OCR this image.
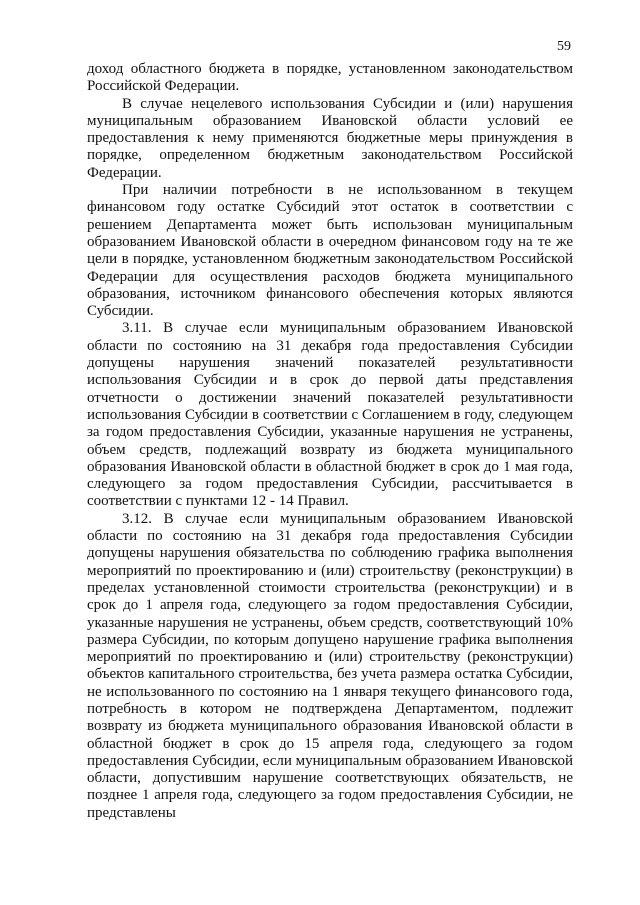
59

доход областного бюджета в порядке, установленном законодательством Российской Федерации.

В случае нецелевого использования Субсидии и (или) нарушения муниципальным образованием Ивановской области условий ее предоставления к нему применяются бюджетные меры принуждения в порядке, определенном бюджетным законодательством Российской Федерации.

При наличии потребности в не использованном в текущем финансовом году остатке Субсидий этот остаток в соответствии с решением Департамента может быть использован муниципальным образованием Ивановской области в очередном финансовом году на те же цели в порядке, установленном бюджетным законодательством Российской Федерации для осуществления расходов бюджета муниципального образования, источником финансового обеспечения которых являются Субсидии.

3.11. В случае если муниципальным образованием Ивановской области по состоянию на 31 декабря года предоставления Субсидии допущены нарушения значений показателей результативности использования Субсидии и в срок до первой даты представления отчетности о достижении значений показателей результативности использования Субсидии в соответствии с Соглашением в году, следующем за годом предоставления Субсидии, указанные нарушения не устранены, объем средств, подлежащий возврату из бюджета муниципального образования Ивановской области в областной бюджет в срок до 1 мая года, следующего за годом предоставления Субсидии, рассчитывается в соответствии с пунктами 12 - 14 Правил.

3.12. В случае если муниципальным образованием Ивановской области по состоянию на 31 декабря года предоставления Субсидии допущены нарушения обязательства по соблюдению графика выполнения мероприятий по проектированию и (или) строительству (реконструкции) в пределах установленной стоимости строительства (реконструкции) и в срок до 1 апреля года, следующего за годом предоставления Субсидии, указанные нарушения не устранены, объем средств, соответствующий 10% размера Субсидии, по которым допущено нарушение графика выполнения мероприятий по проектированию и (или) строительству (реконструкции) объектов капитального строительства, без учета размера остатка Субсидии, не использованного по состоянию на 1 января текущего финансового года, потребность в котором не подтверждена Департаментом, подлежит возврату из бюджета муниципального образования Ивановской области в областной бюджет в срок до 15 апреля года, следующего за годом предоставления Субсидии, если муниципальным образованием Ивановской области, допустившим нарушение соответствующих обязательств, не позднее 1 апреля года, следующего за годом предоставления Субсидии, не представлены
